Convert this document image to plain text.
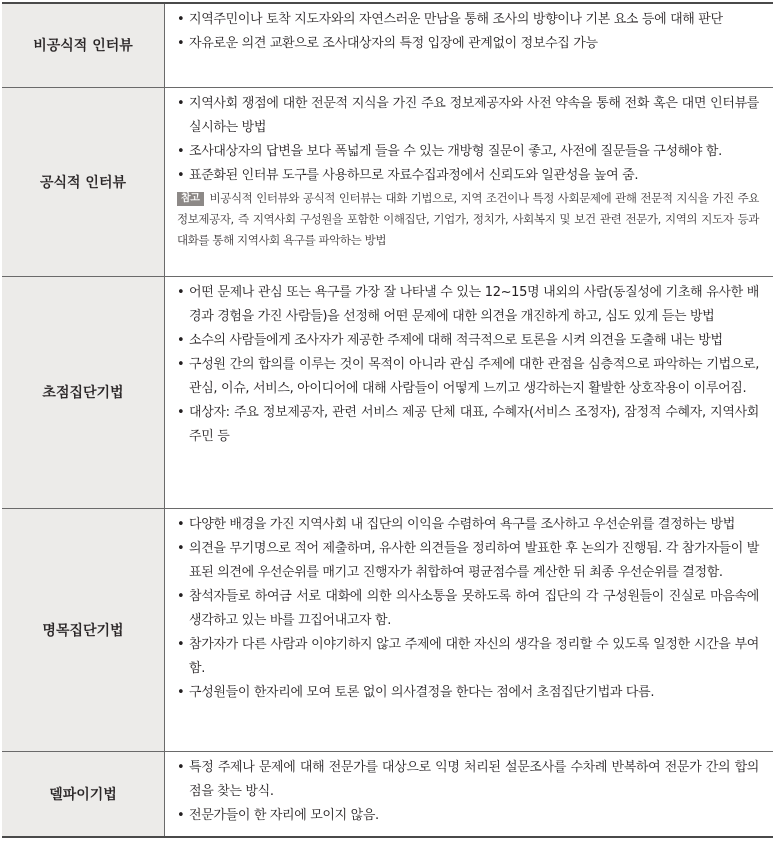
비공식적 인터뷰	• 지역주민이나 토착 지도자와의 자연스러운 만남을 통해 조사의 방향이나 기본 요소 등에 대해 판단

• 자유로운 의견 교환으로 조사대상자의 특정 입장에 관계없이 정보수집 가능

공식적 인터뷰	• 지역사회 쟁점에 대한 전문적 지식을 가진 주요 정보제공자와 사전 약속을 통해 전화 혹은 대면 인터뷰를 실시하는 방법

• 조사대상자의 답변을 보다 폭넓게 들을 수 있는 개방형 질문이 좋고, 사전에 질문들을 구성해야 함.

• 표준화된 인터뷰 도구를 사용하므로 자료수집과정에서 신뢰도와 일관성을 높여 줌.

참고 비공식적 인터뷰와 공식적 인터뷰는 대화 기법으로, 지역 조건이나 특정 사회문제에 관해 전문적 지식을 가진 주요 정보제공자, 즉 지역사회 구성원을 포함한 이해집단, 기업가, 정치가, 사회복지 및 보건 관련 전문가, 지역의 지도자 등과 대화를 통해 지역사회 욕구를 파악하는 방법

초점집단기법	• 어떤 문제나 관심 또는 욕구를 가장 잘 나타낼 수 있는 12~15명 내외의 사람(동질성에 기초해 유사한 배경과 경험을 가진 사람들)을 선정해 어떤 문제에 대한 의견을 개진하게 하고, 심도 있게 듣는 방법

• 소수의 사람들에게 조사자가 제공한 주제에 대해 적극적으로 토론을 시켜 의견을 도출해 내는 방법

• 구성원 간의 합의를 이루는 것이 목적이 아니라 관심 주제에 대한 관점을 심층적으로 파악하는 기법으로, 관심, 이슈, 서비스, 아이디어에 대해 사람들이 어떻게 느끼고 생각하는지 활발한 상호작용이 이루어짐.

• 대상자: 주요 정보제공자, 관련 서비스 제공 단체 대표, 수혜자(서비스 조정자), 잠정적 수혜자, 지역사회 주민 등

명목집단기법	• 다양한 배경을 가진 지역사회 내 집단의 이익을 수렴하여 욕구를 조사하고 우선순위를 결정하는 방법

• 의견을 무기명으로 적어 제출하며, 유사한 의견들을 정리하여 발표한 후 논의가 진행됨. 각 참가자들이 발표된 의견에 우선순위를 매기고 진행자가 취합하여 평균점수를 계산한 뒤 최종 우선순위를 결정함.

• 참석자들로 하여금 서로 대화에 의한 의사소통을 못하도록 하여 집단의 각 구성원들이 진실로 마음속에 생각하고 있는 바를 끄집어내고자 함.

• 참가자가 다른 사람과 이야기하지 않고 주제에 대한 자신의 생각을 정리할 수 있도록 일정한 시간을 부여함.

• 구성원들이 한자리에 모여 토론 없이 의사결정을 한다는 점에서 초점집단기법과 다름.

델파이기법	• 특정 주제나 문제에 대해 전문가를 대상으로 익명 처리된 설문조사를 수차례 반복하여 전문가 간의 합의점을 찾는 방식.

• 전문가들이 한 자리에 모이지 않음.
